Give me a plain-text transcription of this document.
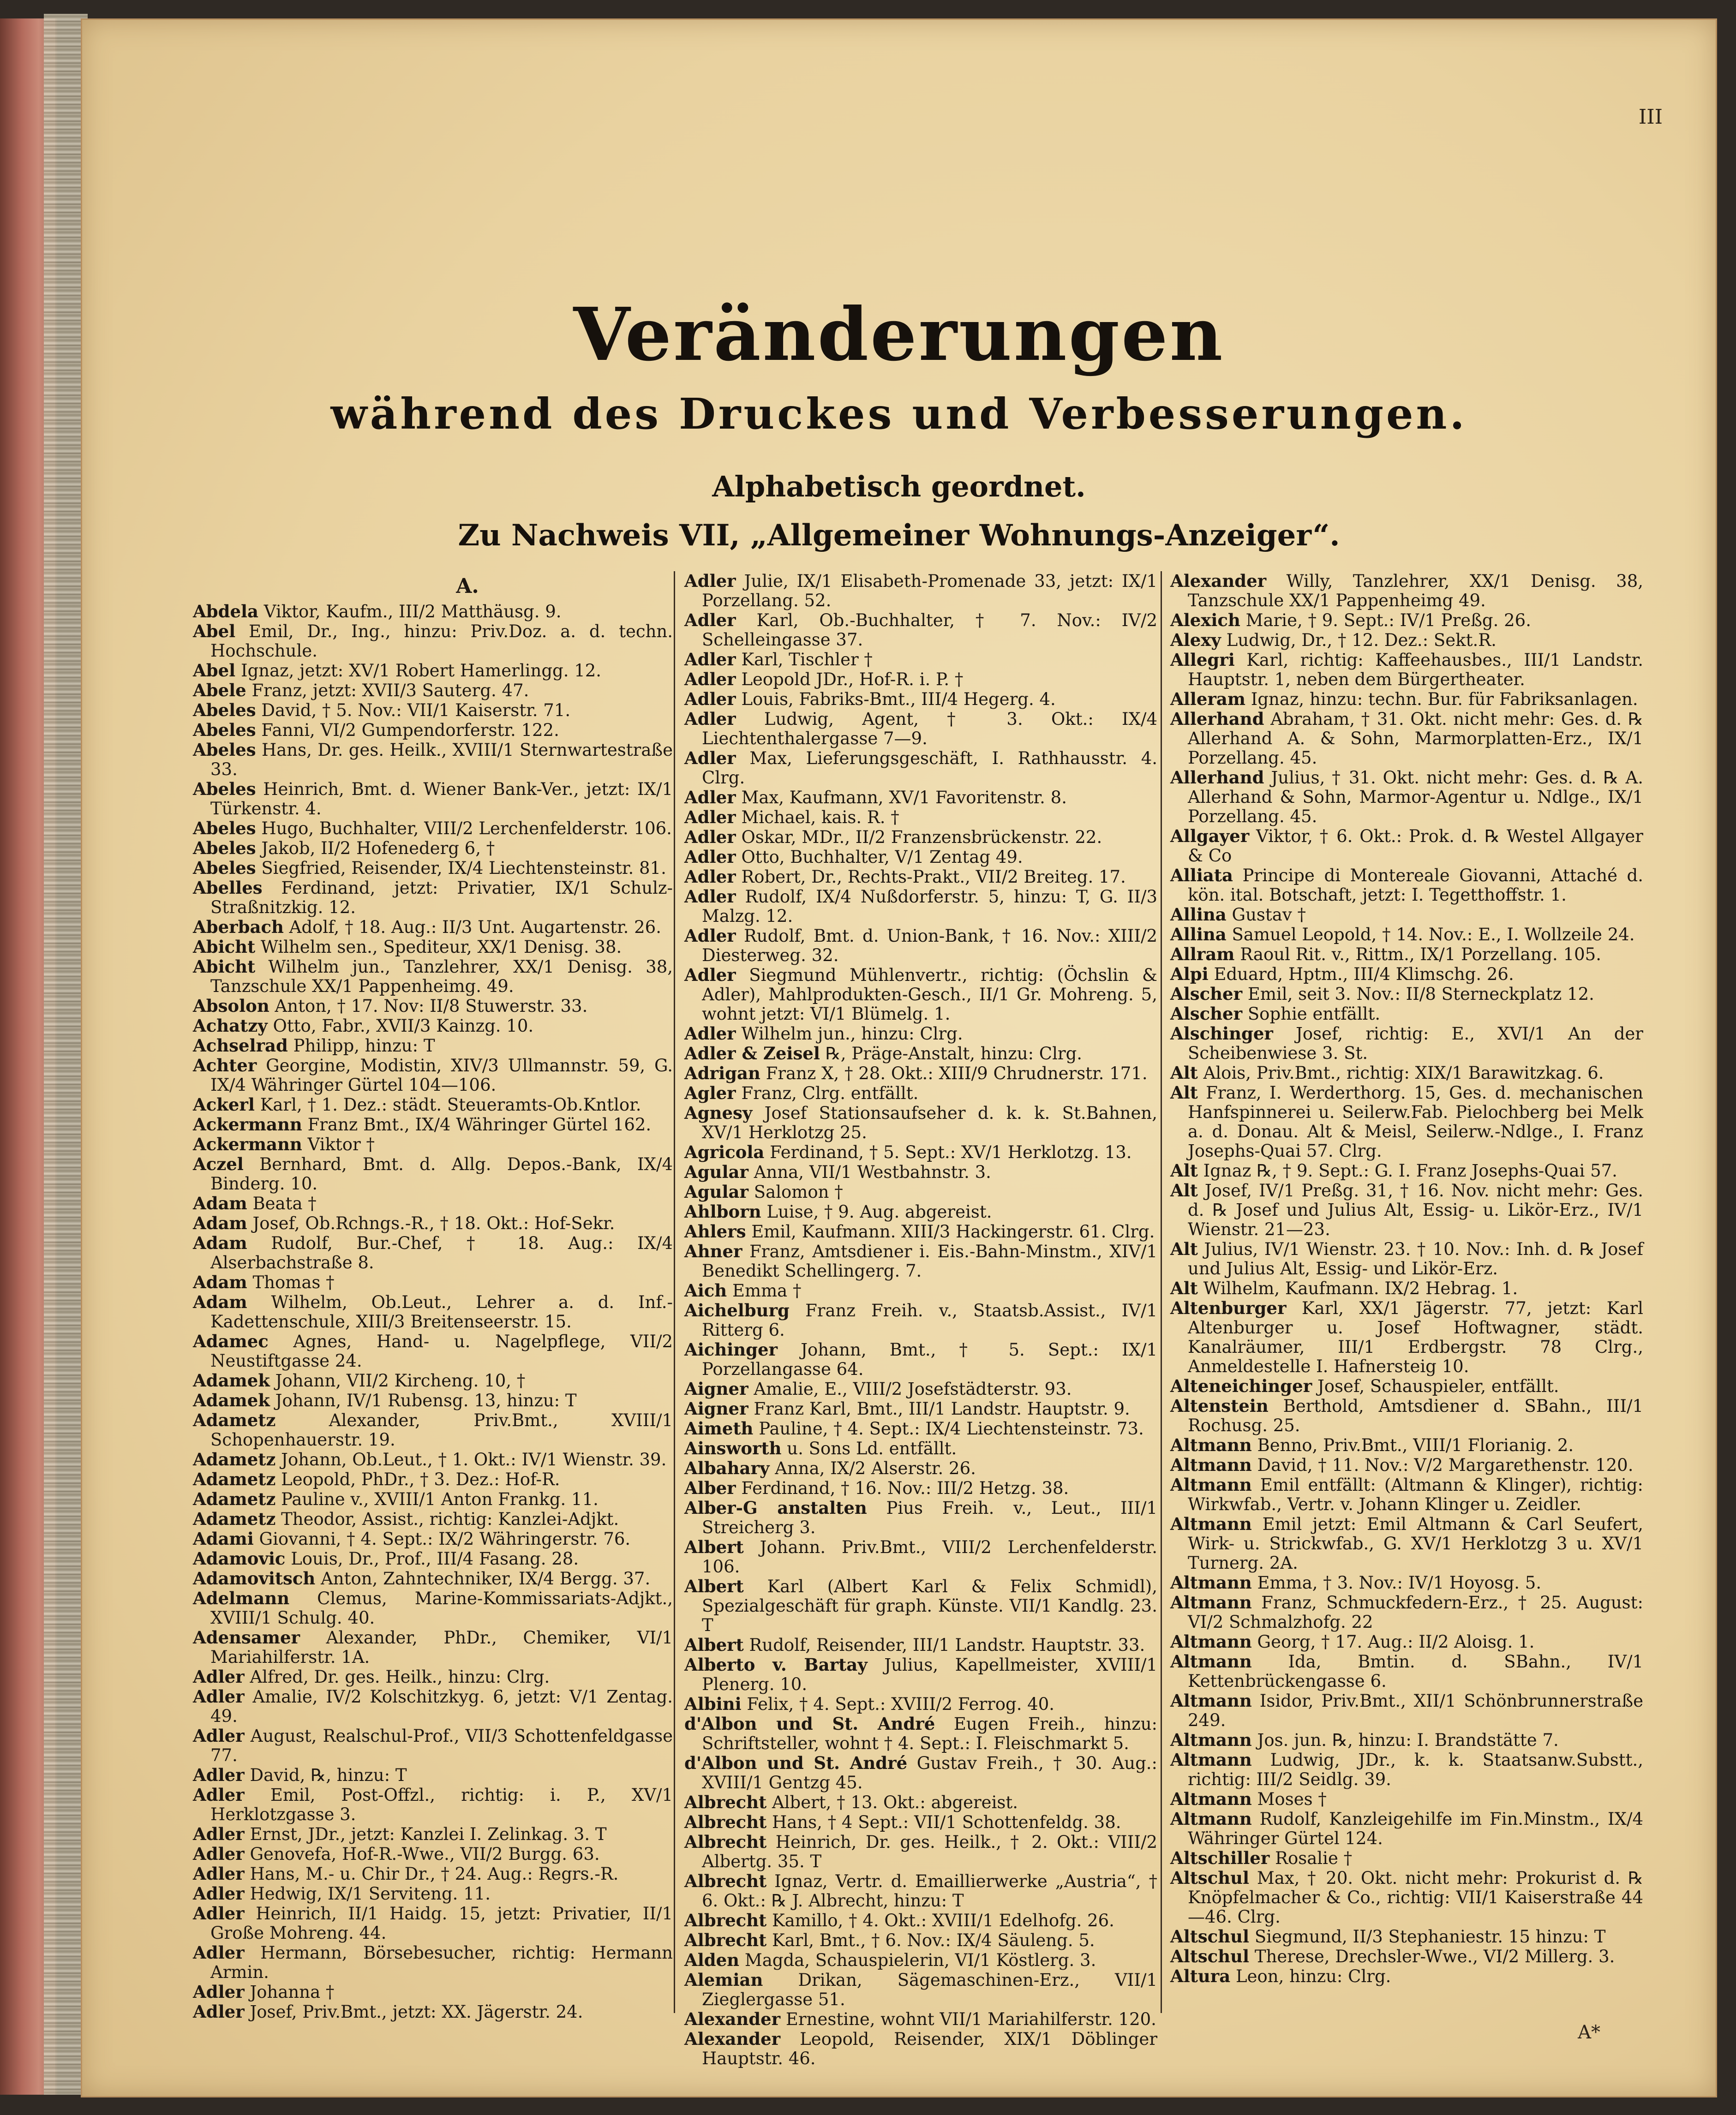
III
Veränderungen
während des Druckes und Verbesserungen.
Alphabetisch geordnet.
Zu Nachweis VII, „Allgemeiner Wohnungs-Anzeiger“.
A.

Abdela Viktor, Kaufm., III/2 Matthäusg. 9.

Abel Emil, Dr., Ing., hinzu: Priv.Doz. a. d. techn. Hochschule.

Abel Ignaz, jetzt: XV/1 Robert Hamerlingg. 12.

Abele Franz, jetzt: XVII/3 Sauterg. 47.

Abeles David, † 5. Nov.: VII/1 Kaiserstr. 71.

Abeles Fanni, VI/2 Gumpendorferstr. 122.

Abeles Hans, Dr. ges. Heilk., XVIII/1 Sternwartestraße 33.

Abeles Heinrich, Bmt. d. Wiener Bank-Ver., jetzt: IX/1 Türkenstr. 4.

Abeles Hugo, Buchhalter, VIII/2 Lerchenfelderstr. 106.

Abeles Jakob, II/2 Hofenederg 6, †

Abeles Siegfried, Reisender, IX/4 Liechtensteinstr. 81.

Abelles Ferdinand, jetzt: Privatier, IX/1 Schulz-Straßnitzkig. 12.

Aberbach Adolf, † 18. Aug.: II/3 Unt. Augartenstr. 26.

Abicht Wilhelm sen., Spediteur, XX/1 Denisg. 38.

Abicht Wilhelm jun., Tanzlehrer, XX/1 Denisg. 38, Tanzschule XX/1 Pappenheimg. 49.

Absolon Anton, † 17. Nov: II/8 Stuwerstr. 33.

Achatzy Otto, Fabr., XVII/3 Kainzg. 10.

Achselrad Philipp, hinzu: T

Achter Georgine, Modistin, XIV/3 Ullmannstr. 59, G. IX/4 Währinger Gürtel 104—106.

Ackerl Karl, † 1. Dez.: städt. Steueramts-Ob.Kntlor.

Ackermann Franz Bmt., IX/4 Währinger Gürtel 162.

Ackermann Viktor †

Aczel Bernhard, Bmt. d. Allg. Depos.-Bank, IX/4 Binderg. 10.

Adam Beata †

Adam Josef, Ob.Rchngs.-R., † 18. Okt.: Hof-Sekr.

Adam Rudolf, Bur.-Chef, † 18. Aug.: IX/4 Alserbachstraße 8.

Adam Thomas †

Adam Wilhelm, Ob.Leut., Lehrer a. d. Inf.-Kadettenschule, XIII/3 Breitenseerstr. 15.

Adamec Agnes, Hand- u. Nagelpflege, VII/2 Neustiftgasse 24.

Adamek Johann, VII/2 Kircheng. 10, †

Adamek Johann, IV/1 Rubensg. 13, hinzu: T

Adametz	Alexander, Priv.Bmt., XVIII/1 Schopenhauerstr. 19.

Adametz Johann, Ob.Leut., † 1. Okt.: IV/1 Wienstr. 39.

Adametz Leopold, PhDr., † 3. Dez.: Hof-R.

Adametz Pauline v., XVIII/1 Anton Frankg. 11.

Adametz Theodor, Assist., richtig: Kanzlei-Adjkt.

Adami Giovanni, † 4. Sept.: IX/2 Währingerstr. 76.

Adamovic Louis, Dr., Prof., III/4 Fasang. 28.

Adamovitsch Anton, Zahntechniker, IX/4 Bergg. 37.

Adelmann Clemus, Marine-Kommissariats-Adjkt., XVIII/1 Schulg. 40.

Adensamer Alexander, PhDr., Chemiker, VI/1 Mariahilferstr. 1A.

Adler Alfred, Dr. ges. Heilk., hinzu: Clrg.

Adler Amalie, IV/2 Kolschitzkyg. 6, jetzt: V/1 Zentag. 49.

Adler August, Realschul-Prof., VII/3 Schottenfeldgasse 77.

Adler David, ℞, hinzu: T

Adler Emil, Post-Offzl., richtig: i. P., XV/1 Herklotzgasse 3.

Adler Ernst, JDr., jetzt: Kanzlei I. Zelinkag. 3. T

Adler Genovefa, Hof-R.-Wwe., VII/2 Burgg. 63.

Adler Hans, M.- u. Chir Dr., † 24. Aug.: Regrs.-R.

Adler Hedwig, IX/1 Serviteng. 11.

Adler Heinrich, II/1 Haidg. 15, jetzt: Privatier, II/1 Große Mohreng. 44.

Adler Hermann, Börsebesucher, richtig: Hermann Armin.

Adler Johanna †

Adler Josef, Priv.Bmt., jetzt: XX. Jägerstr. 24.

Adler Julie, IX/1 Elisabeth-Promenade 33, jetzt: IX/1 Porzellang. 52.

Adler Karl, Ob.-Buchhalter, † 7. Nov.: IV/2 Schelleingasse 37.

Adler Karl, Tischler †

Adler Leopold JDr., Hof-R. i. P. †

Adler Louis, Fabriks-Bmt., III/4 Hegerg. 4.

Adler Ludwig, Agent, † 3. Okt.: IX/4 Liechtenthalergasse 7—9.

Adler Max, Lieferungsgeschäft, I. Rathhausstr. 4. Clrg.

Adler Max, Kaufmann, XV/1 Favoritenstr. 8.

Adler Michael, kais. R. †

Adler Oskar, MDr., II/2 Franzensbrückenstr. 22.

Adler Otto, Buchhalter, V/1 Zentag 49.

Adler Robert, Dr., Rechts-Prakt., VII/2 Breiteg. 17.

Adler Rudolf, IX/4 Nußdorferstr. 5, hinzu: T, G. II/3 Malzg. 12.

Adler Rudolf, Bmt. d. Union-Bank, † 16. Nov.: XIII/2 Diesterweg. 32.

Adler Siegmund Mühlenvertr., richtig: (Öchslin & Adler), Mahlprodukten-Gesch., II/1 Gr. Mohreng. 5, wohnt jetzt: VI/1 Blümelg. 1.

Adler Wilhelm jun., hinzu: Clrg.

Adler & Zeisel ℞, Präge-Anstalt, hinzu: Clrg.

Adrigan Franz X, † 28. Okt.: XIII/9 Chrudnerstr. 171.

Agler Franz, Clrg. entfällt.

Agnesy Josef Stationsaufseher d. k. k. St.Bahnen, XV/1 Herklotzg 25.

Agricola Ferdinand, † 5. Sept.: XV/1 Herklotzg. 13.

Agular Anna, VII/1 Westbahnstr. 3.

Agular Salomon †

Ahlborn Luise, † 9. Aug. abgereist.

Ahlers Emil, Kaufmann. XIII/3 Hackingerstr. 61. Clrg.

Ahner Franz, Amtsdiener i. Eis.-Bahn-Minstm., XIV/1 Benedikt Schellingerg. 7.

Aich Emma †

Aichelburg Franz Freih. v., Staatsb.Assist., IV/1 Ritterg 6.

Aichinger Johann, Bmt., † 5. Sept.: IX/1 Porzellangasse 64.

Aigner Amalie, E., VIII/2 Josefstädterstr. 93.

Aigner Franz Karl, Bmt., III/1 Landstr. Hauptstr. 9.

Aimeth Pauline, † 4. Sept.: IX/4 Liechtensteinstr. 73.

Ainsworth u. Sons Ld. entfällt.

Albahary Anna, IX/2 Alserstr. 26.

Alber Ferdinand, † 16. Nov.: III/2 Hetzg. 38.

Alber-G anstalten Pius Freih. v., Leut., III/1 Streicherg 3.

Albert Johann. Priv.Bmt., VIII/2 Lerchenfelderstr. 106.

Albert Karl (Albert Karl & Felix Schmidl), Spezialgeschäft für graph. Künste. VII/1 Kandlg. 23. T

Albert Rudolf, Reisender, III/1 Landstr. Hauptstr. 33.

Alberto v. Bartay Julius, Kapellmeister, XVIII/1 Plenerg. 10.

Albini Felix, † 4. Sept.: XVIII/2 Ferrog. 40.

d'Albon und St. André Eugen Freih., hinzu: Schriftsteller, wohnt † 4. Sept.: I. Fleischmarkt 5.

d'Albon und St. André Gustav Freih., † 30. Aug.: XVIII/1 Gentzg 45.

Albrecht Albert, † 13. Okt.: abgereist.

Albrecht Hans, † 4 Sept.: VII/1 Schottenfeldg. 38.

Albrecht Heinrich, Dr. ges. Heilk., † 2. Okt.: VIII/2 Albertg. 35. T

Albrecht Ignaz, Vertr. d. Emaillierwerke „Austria“, † 6. Okt.: ℞ J. Albrecht, hinzu: T

Albrecht Kamillo, † 4. Okt.: XVIII/1 Edelhofg. 26.

Albrecht Karl, Bmt., † 6. Nov.: IX/4 Säuleng. 5.

Alden Magda, Schauspielerin, VI/1 Köstlerg. 3.

Alemian Drikan, Sägemaschinen-Erz., VII/1 Zieglergasse 51.

Alexander Ernestine, wohnt VII/1 Mariahilferstr. 120.

Alexander Leopold, Reisender, XIX/1 Döblinger Hauptstr. 46.

Alexander Willy, Tanzlehrer, XX/1 Denisg. 38, Tanzschule XX/1 Pappenheimg 49.

Alexich Marie, † 9. Sept.: IV/1 Preßg. 26.

Alexy Ludwig, Dr., † 12. Dez.: Sekt.R.

Allegri Karl, richtig: Kaffeehausbes., III/1 Landstr. Hauptstr. 1, neben dem Bürgertheater.

Alleram Ignaz, hinzu: techn. Bur. für Fabriksanlagen.

Allerhand Abraham, † 31. Okt. nicht mehr: Ges. d. ℞ Allerhand A. & Sohn, Marmorplatten-Erz., IX/1 Porzellang. 45.

Allerhand Julius, † 31. Okt. nicht mehr: Ges. d. ℞ A. Allerhand & Sohn, Marmor-Agentur u. Ndlge., IX/1 Porzellang. 45.

Allgayer Viktor, † 6. Okt.: Prok. d. ℞ Westel Allgayer & Co

Alliata Principe di Montereale Giovanni, Attaché d. kön. ital. Botschaft, jetzt: I. Tegetthoffstr. 1.

Allina Gustav †

Allina Samuel Leopold, † 14. Nov.: E., I. Wollzeile 24.

Allram Raoul Rit. v., Rittm., IX/1 Porzellang. 105.

Alpi Eduard, Hptm., III/4 Klimschg. 26.

Alscher Emil, seit 3. Nov.: II/8 Sterneckplatz 12.

Alscher Sophie entfällt.

Alschinger Josef, richtig: E., XVI/1 An der Scheibenwiese 3. St.

Alt Alois, Priv.Bmt., richtig: XIX/1 Barawitzkag. 6.

Alt Franz, I. Werderthorg. 15, Ges. d. mechanischen Hanfspinnerei u. Seilerw.Fab. Pielochberg bei Melk a. d. Donau. Alt & Meisl, Seilerw.-Ndlge., I. Franz Josephs-Quai 57. Clrg.

Alt Ignaz ℞, † 9. Sept.: G. I. Franz Josephs-Quai 57.

Alt Josef, IV/1 Preßg. 31, † 16. Nov. nicht mehr: Ges. d. ℞ Josef und Julius Alt, Essig- u. Likör-Erz., IV/1 Wienstr. 21—23.

Alt Julius, IV/1 Wienstr. 23. † 10. Nov.: Inh. d. ℞ Josef und Julius Alt, Essig- und Likör-Erz.

Alt Wilhelm, Kaufmann. IX/2 Hebrag. 1.

Altenburger Karl, XX/1 Jägerstr. 77, jetzt: Karl Altenburger u. Josef Hoftwagner, städt. Kanalräumer, III/1 Erdbergstr. 78 Clrg., Anmeldestelle I. Hafnersteig 10.

Alteneichinger Josef, Schauspieler, entfällt.

Altenstein Berthold, Amtsdiener d. SBahn., III/1 Rochusg. 25.

Altmann Benno, Priv.Bmt., VIII/1 Florianig. 2.

Altmann David, † 11. Nov.: V/2 Margarethenstr. 120.

Altmann Emil entfällt: (Altmann & Klinger), richtig: Wirkwfab., Vertr. v. Johann Klinger u. Zeidler.

Altmann Emil jetzt: Emil Altmann & Carl Seufert, Wirk- u. Strickwfab., G. XV/1 Herklotzg 3 u. XV/1 Turnerg. 2A.

Altmann Emma, † 3. Nov.: IV/1 Hoyosg. 5.

Altmann Franz, Schmuckfedern-Erz., † 25. August: VI/2 Schmalzhofg. 22

Altmann Georg, † 17. Aug.: II/2 Aloisg. 1.

Altmann Ida, Bmtin. d. SBahn., IV/1 Kettenbrückengasse 6.

Altmann Isidor, Priv.Bmt., XII/1 Schönbrunnerstraße 249.

Altmann Jos. jun. ℞, hinzu: I. Brandstätte 7.

Altmann Ludwig, JDr., k. k. Staatsanw.Substt., richtig: III/2 Seidlg. 39.

Altmann Moses †

Altmann Rudolf, Kanzleigehilfe im Fin.Minstm., IX/4 Währinger Gürtel 124.

Altschiller Rosalie †

Altschul Max, † 20. Okt. nicht mehr: Prokurist d. ℞ Knöpfelmacher & Co., richtig: VII/1 Kaiserstraße 44—46. Clrg.

Altschul Siegmund, II/3 Stephaniestr. 15 hinzu: T

Altschul Therese, Drechsler-Wwe., VI/2 Millerg. 3.

Altura Leon, hinzu: Clrg.

A*
